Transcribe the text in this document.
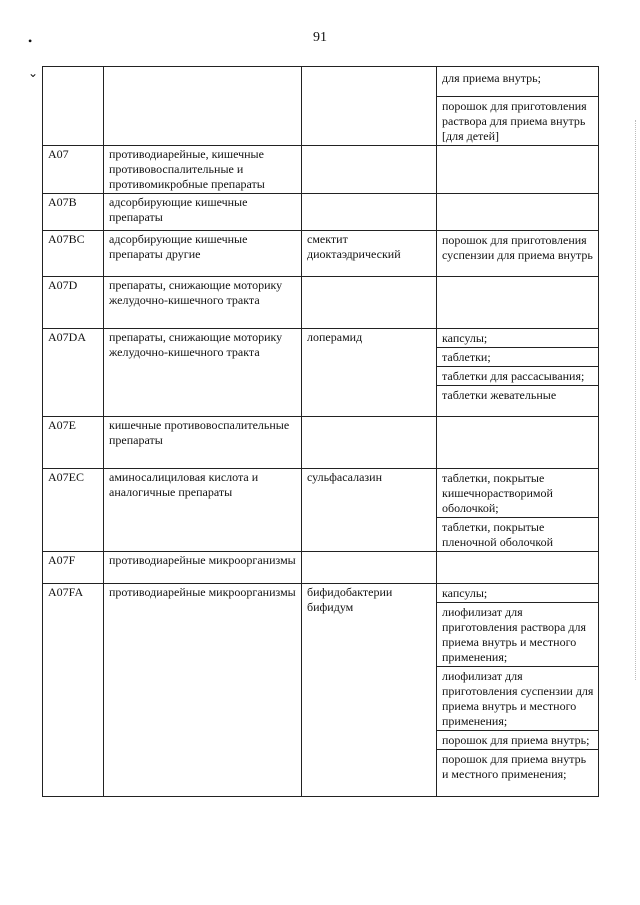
91
•
⌄

			для приема внутрь;
порошок для приготовления раствора для приема внутрь [для детей]

A07	противодиарейные, кишечные противовоспалительные и противомикробные препараты		

A07B	адсорбирующие кишечные препараты		

A07BC	адсорбирующие кишечные препараты другие	смектит диоктаэдрический	порошок для приготовления суспензии для приема внутрь

A07D	препараты, снижающие моторику желудочно-кишечного тракта		

A07DA	препараты, снижающие моторику желудочно-кишечного тракта	лоперамид	капсулы;
таблетки;
таблетки для рассасывания;
таблетки жевательные

A07E	кишечные противовоспалительные препараты		

A07EC	аминосалициловая кислота и аналогичные препараты	сульфасалазин	таблетки, покрытые кишечнорастворимой оболочкой;
таблетки, покрытые пленочной оболочкой

A07F	противодиарейные микроорганизмы		

A07FA	противодиарейные микроорганизмы	бифидобактерии бифидум	капсулы;
лиофилизат для приготовления раствора для приема внутрь и местного применения;
лиофилизат для приготовления суспензии для приема внутрь и местного применения;
порошок для приема внутрь;
порошок для приема внутрь и местного применения;
